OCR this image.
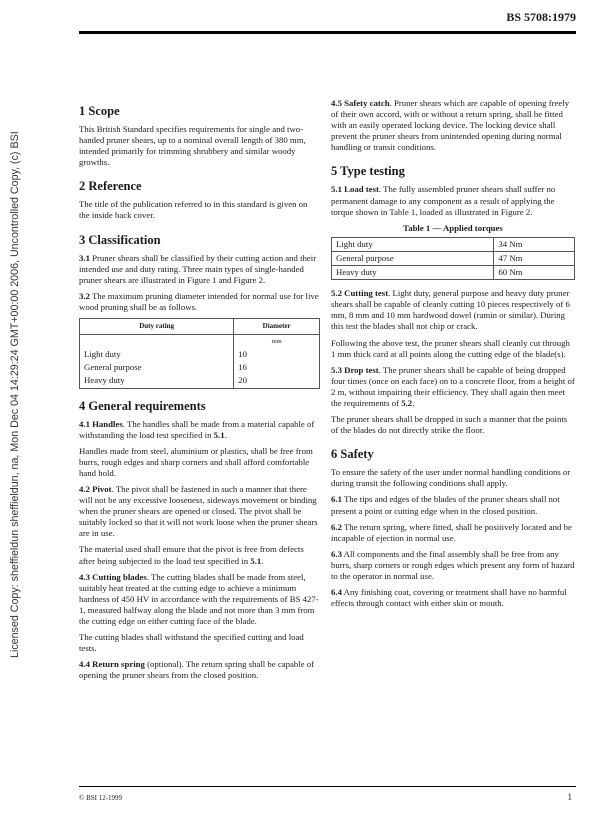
BS 5708:1979
Licensed Copy: sheffieldun sheffieldun, na, Mon Dec 04 14:29:24 GMT+00:00 2006, Uncontrolled Copy, (c) BSI
1 Scope

This British Standard specifies requirements for single and two-handed pruner shears, up to a nominal overall length of 380 mm, intended primarily for trimming shrubbery and similar woody growths.

2 Reference

The title of the publication referred to in this standard is given on the inside back cover.

3 Classification

3.1 Pruner shears shall be classified by their cutting action and their intended use and duty rating. Three main types of single-handed pruner shears are illustrated in Figure 1 and Figure 2.

3.2 The maximum pruning diameter intended for normal use for live wood pruning shall be as follows.

Duty rating	Diameter
	mm
Light duty	10
General purpose	16
Heavy duty	20
4 General requirements

4.1 Handles. The handles shall be made from a material capable of withstanding the load test specified in 5.1.

Handles made from steel, aluminium or plastics, shall be free from burrs, rough edges and sharp corners and shall afford comfortable hand hold.

4.2 Pivot. The pivot shall be fastened in such a manner that there will not be any excessive looseness, sideways movement or binding when the pruner shears are opened or closed. The pivot shall be suitably locked so that it will not work loose when the pruner shears are in use.

The material used shall ensure that the pivot is free from defects after being subjected to the load test specified in 5.1.

4.3 Cutting blades. The cutting blades shall be made from steel, suitably heat treated at the cutting edge to achieve a minimum hardness of 450 HV in accordance with the requirements of BS 427-1, measured halfway along the blade and not more than 3 mm from the cutting edge on either cutting face of the blade.

The cutting blades shall withstand the specified cutting and load tests.

4.4 Return spring (optional). The return spring shall be capable of opening the pruner shears from the closed position.

4.5 Safety catch. Pruner shears which are capable of opening freely of their own accord, with or without a return spring, shall be fitted with an easily operated locking device. The locking device shall prevent the pruner shears from unintended opening during normal handling or transit conditions.

5 Type testing

5.1 Load test. The fully assembled pruner shears shall suffer no permanent damage to any component as a result of applying the torque shown in Table 1, loaded as illustrated in Figure 2.

Table 1 — Applied torques

Light duty	34 Nm
General purpose	47 Nm
Heavy duty	60 Nm

5.2 Cutting test. Light duty, general purpose and heavy duty pruner shears shall be capable of cleanly cutting 10 pieces respectively of 6 mm, 8 mm and 10 mm hardwood dowel (ramin or similar). During this test the blades shall not chip or crack.

Following the above test, the pruner shears shall cleanly cut through 1 mm thick card at all points along the cutting edge of the blade(s).

5.3 Drop test. The pruner shears shall be capable of being dropped four times (once on each face) on to a concrete floor, from a height of 2 m, without impairing their efficiency. They shall again then meet the requirements of 5.2.

The pruner shears shall be dropped in such a manner that the points of the blades do not directly strike the floor.

6 Safety

To ensure the safety of the user under normal handling conditions or during transit the following conditions shall apply.

6.1 The tips and edges of the blades of the pruner shears shall not present a point or cutting edge when in the closed position.

6.2 The return spring, where fitted, shall be positively located and be incapable of ejection in normal use.

6.3 All components and the final assembly shall be free from any burrs, sharp corners or rough edges which present any form of hazard to the operator in normal use.

6.4 Any finishing coat, covering or treatment shall have no harmful effects through contact with either skin or mouth.

© BSI 12-1999	1
